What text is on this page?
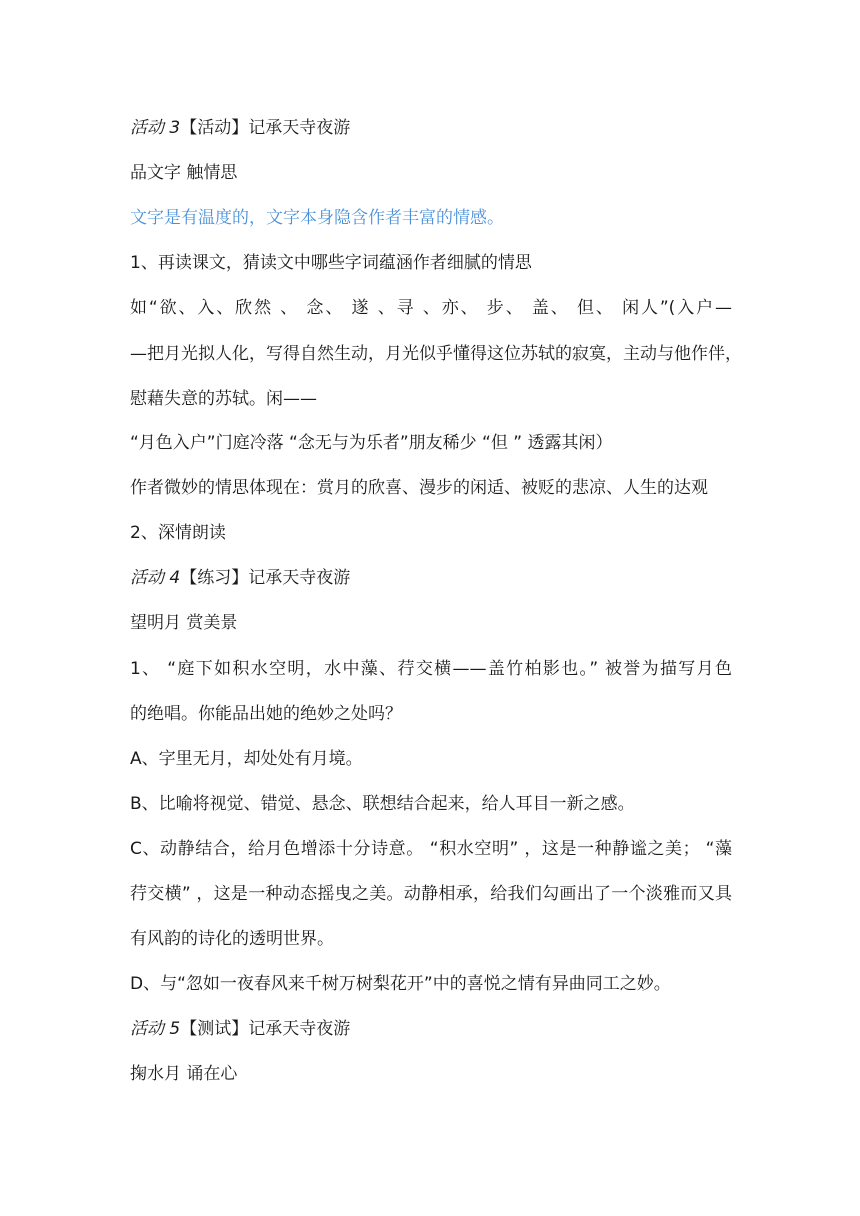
活动 3【活动】记承天寺夜游
品文字 触情思
文字是有温度的，文字本身隐含作者丰富的情感。
1、再读课文，猜读文中哪些字词蕴涵作者细腻的情思
如“欲、入、欣然 、 念、 遂 、寻 、亦、 步、 盖、 但、 闲人”(入户—
—把月光拟人化，写得自然生动，月光似乎懂得这位苏轼的寂寞，主动与他作伴，
慰藉失意的苏轼。闲——
“月色入户”门庭冷落 “念无与为乐者”朋友稀少 “但 ” 透露其闲）
作者微妙的情思体现在：赏月的欣喜、漫步的闲适、被贬的悲凉、人生的达观
2、深情朗读
活动 4【练习】记承天寺夜游
望明月 赏美景
1、 “庭下如积水空明，水中藻、荇交横——盖竹柏影也。” 被誉为描写月色
的绝唱。你能品出她的绝妙之处吗？
A、字里无月，却处处有月境。
B、比喻将视觉、错觉、悬念、联想结合起来，给人耳目一新之感。
C、动静结合，给月色增添十分诗意。 “积水空明” ，这是一种静谧之美； “藻
荇交横” ，这是一种动态摇曳之美。动静相承，给我们勾画出了一个淡雅而又具
有风韵的诗化的透明世界。
D、与“忽如一夜春风来千树万树梨花开”中的喜悦之情有异曲同工之妙。
活动 5【测试】记承天寺夜游
掬水月 诵在心
